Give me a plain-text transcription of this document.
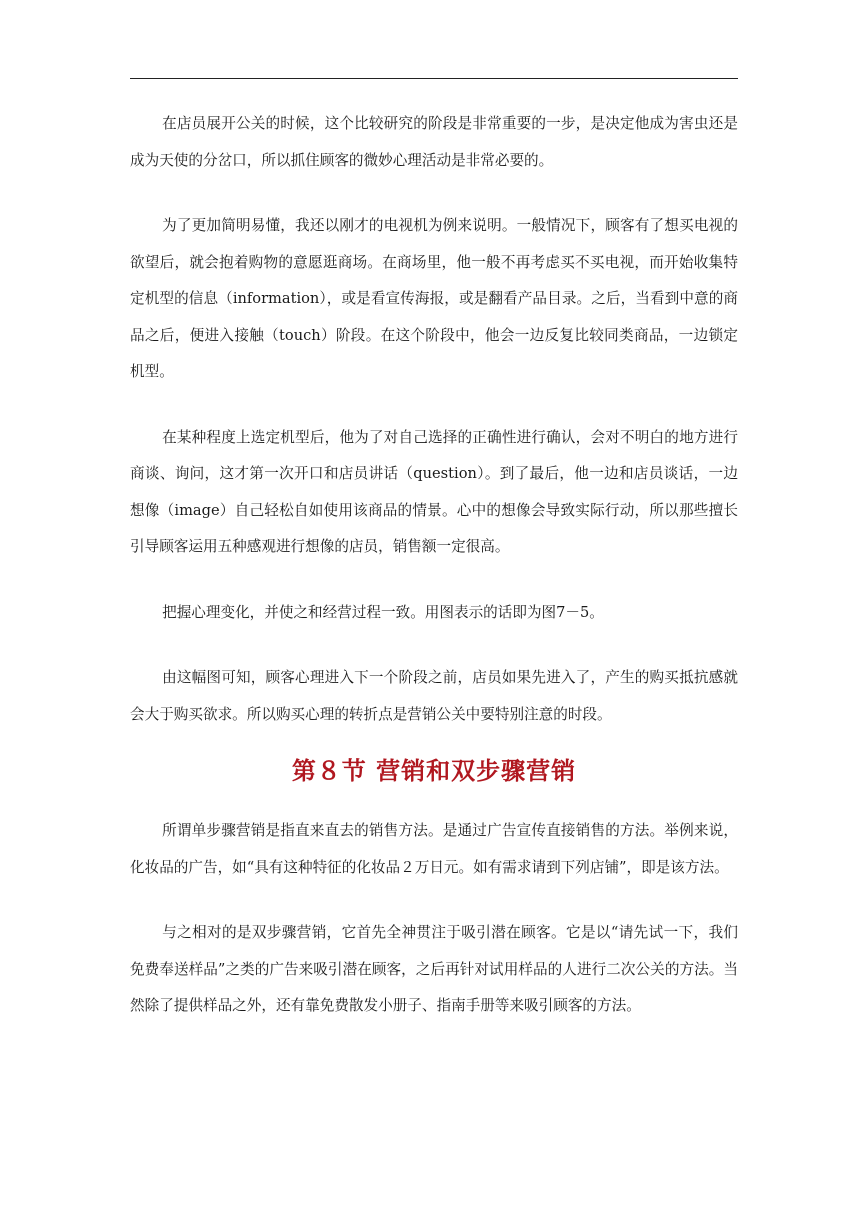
在店员展开公关的时候，这个比较研究的阶段是非常重要的一步，是决定他成为害虫还是成为天使的分岔口，所以抓住顾客的微妙心理活动是非常必要的。

为了更加简明易懂，我还以刚才的电视机为例来说明。一般情况下，顾客有了想买电视的欲望后，就会抱着购物的意愿逛商场。在商场里，他一般不再考虑买不买电视，而开始收集特定机型的信息（information），或是看宣传海报，或是翻看产品目录。之后，当看到中意的商品之后，便进入接触（touch）阶段。在这个阶段中，他会一边反复比较同类商品，一边锁定机型。

在某种程度上选定机型后，他为了对自己选择的正确性进行确认，会对不明白的地方进行商谈、询问，这才第一次开口和店员讲话（question）。到了最后，他一边和店员谈话，一边想像（image）自己轻松自如使用该商品的情景。心中的想像会导致实际行动，所以那些擅长引导顾客运用五种感观进行想像的店员，销售额一定很高。

把握心理变化，并使之和经营过程一致。用图表示的话即为图7－5。

由这幅图可知，顾客心理进入下一个阶段之前，店员如果先进入了，产生的购买抵抗感就会大于购买欲求。所以购买心理的转折点是营销公关中要特别注意的时段。

第８节 营销和双步骤营销

所谓单步骤营销是指直来直去的销售方法。是通过广告宣传直接销售的方法。举例来说，化妆品的广告，如“具有这种特征的化妆品２万日元。如有需求请到下列店铺”，即是该方法。

与之相对的是双步骤营销，它首先全神贯注于吸引潜在顾客。它是以“请先试一下，我们免费奉送样品”之类的广告来吸引潜在顾客，之后再针对试用样品的人进行二次公关的方法。当然除了提供样品之外，还有靠免费散发小册子、指南手册等来吸引顾客的方法。
